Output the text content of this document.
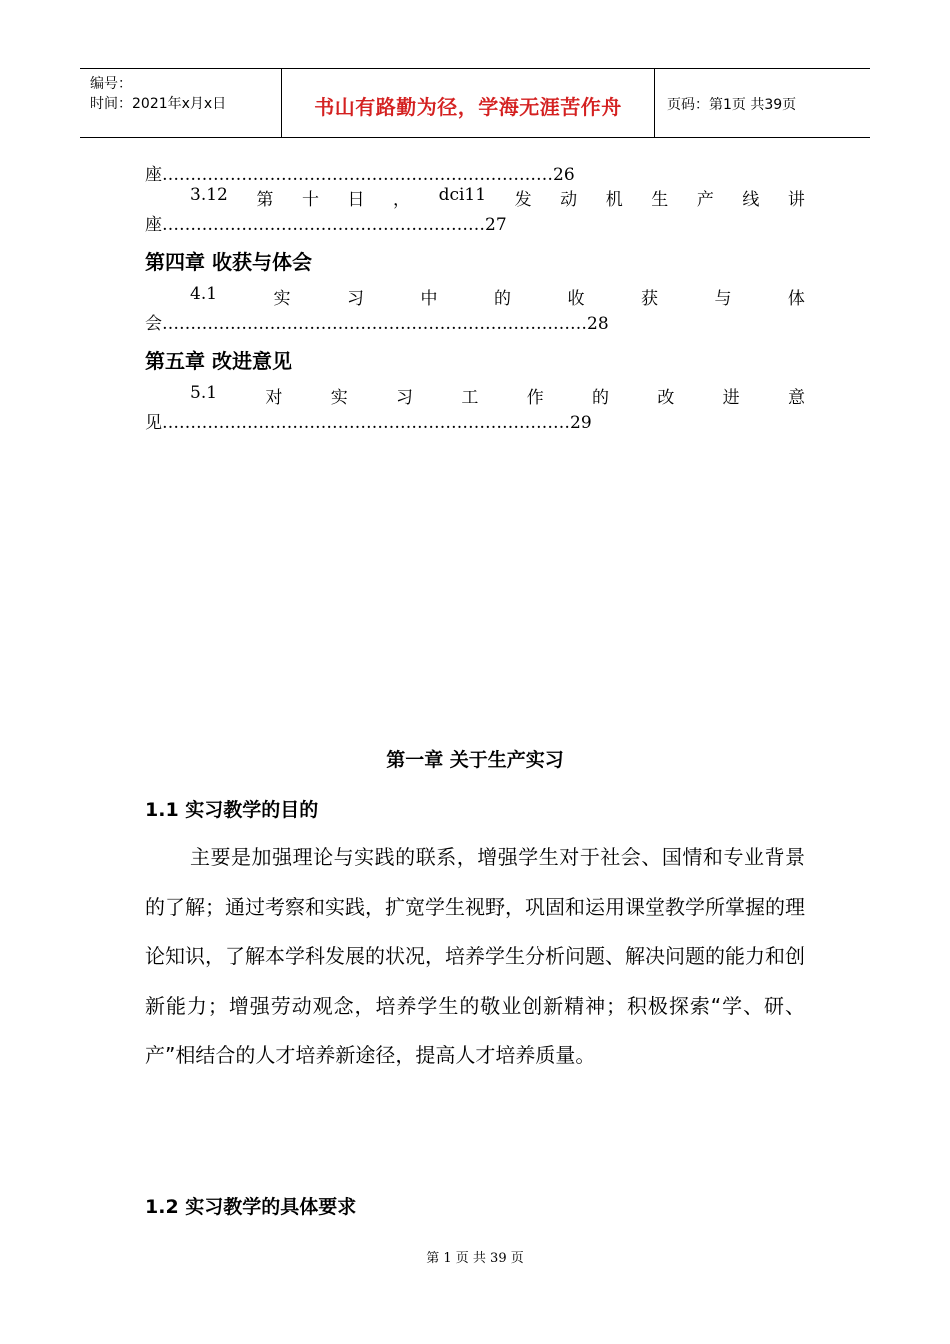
编号：
时间：2021年x月x日	书山有路勤为径，学海无涯苦作舟	页码：第1页 共39页
座……………………………………………………………26
3.12 第 十 日 ， dci11 发 动 机 生 产 线 讲
座…………………………………………………27
第四章 收获与体会
4.1	实	习	中	的	收	获	与	体
会…………………………………………………………………28
第五章 改进意见
5.1	对	实	习	工	作	的	改	进	意
见………………………………………………………………29
第一章 关于生产实习
1.1 实习教学的目的
主要是加强理论与实践的联系，增强学生对于社会、国情和专业背景的了解；通过考察和实践，扩宽学生视野，巩固和运用课堂教学所掌握的理论知识，了解本学科发展的状况，培养学生分析问题、解决问题的能力和创新能力；增强劳动观念，培养学生的敬业创新精神；积极探索“学、研、产”相结合的人才培养新途径，提高人才培养质量。
1.2 实习教学的具体要求
第 1 页 共 39 页
